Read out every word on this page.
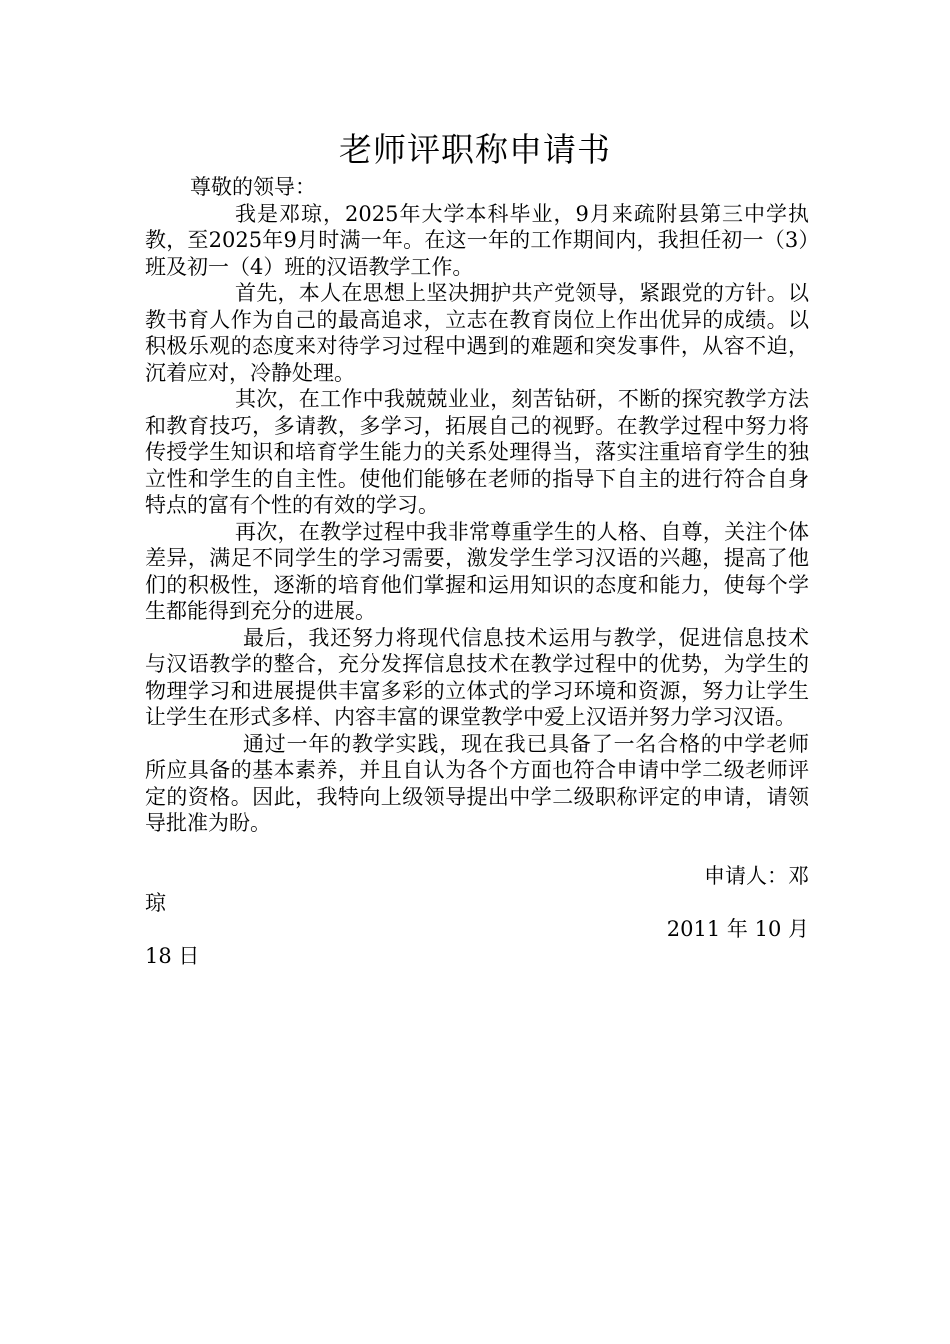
老师评职称申请书

尊敬的领导：

我是邓琼，2025年大学本科毕业，9月来疏附县第三中学执教，至2025年9月时满一年。在这一年的工作期间内，我担任初一（3）班及初一（4）班的汉语教学工作。

首先，本人在思想上坚决拥护共产党领导，紧跟党的方针。以教书育人作为自己的最高追求，立志在教育岗位上作出优异的成绩。以积极乐观的态度来对待学习过程中遇到的难题和突发事件，从容不迫，沉着应对，冷静处理。

其次，在工作中我兢兢业业，刻苦钻研，不断的探究教学方法和教育技巧，多请教，多学习，拓展自己的视野。在教学过程中努力将传授学生知识和培育学生能力的关系处理得当，落实注重培育学生的独立性和学生的自主性。使他们能够在老师的指导下自主的进行符合自身特点的富有个性的有效的学习。

再次，在教学过程中我非常尊重学生的人格、自尊，关注个体差异，满足不同学生的学习需要，激发学生学习汉语的兴趣，提高了他们的积极性，逐渐的培育他们掌握和运用知识的态度和能力，使每个学生都能得到充分的进展。

最后，我还努力将现代信息技术运用与教学，促进信息技术与汉语教学的整合，充分发挥信息技术在教学过程中的优势，为学生的物理学习和进展提供丰富多彩的立体式的学习环境和资源，努力让学生让学生在形式多样、内容丰富的课堂教学中爱上汉语并努力学习汉语。

通过一年的教学实践，现在我已具备了一名合格的中学老师所应具备的基本素养，并且自认为各个方面也符合申请中学二级老师评定的资格。因此，我特向上级领导提出中学二级职称评定的申请，请领导批准为盼。

申请人：邓

琼

2011 年 10 月

18 日
